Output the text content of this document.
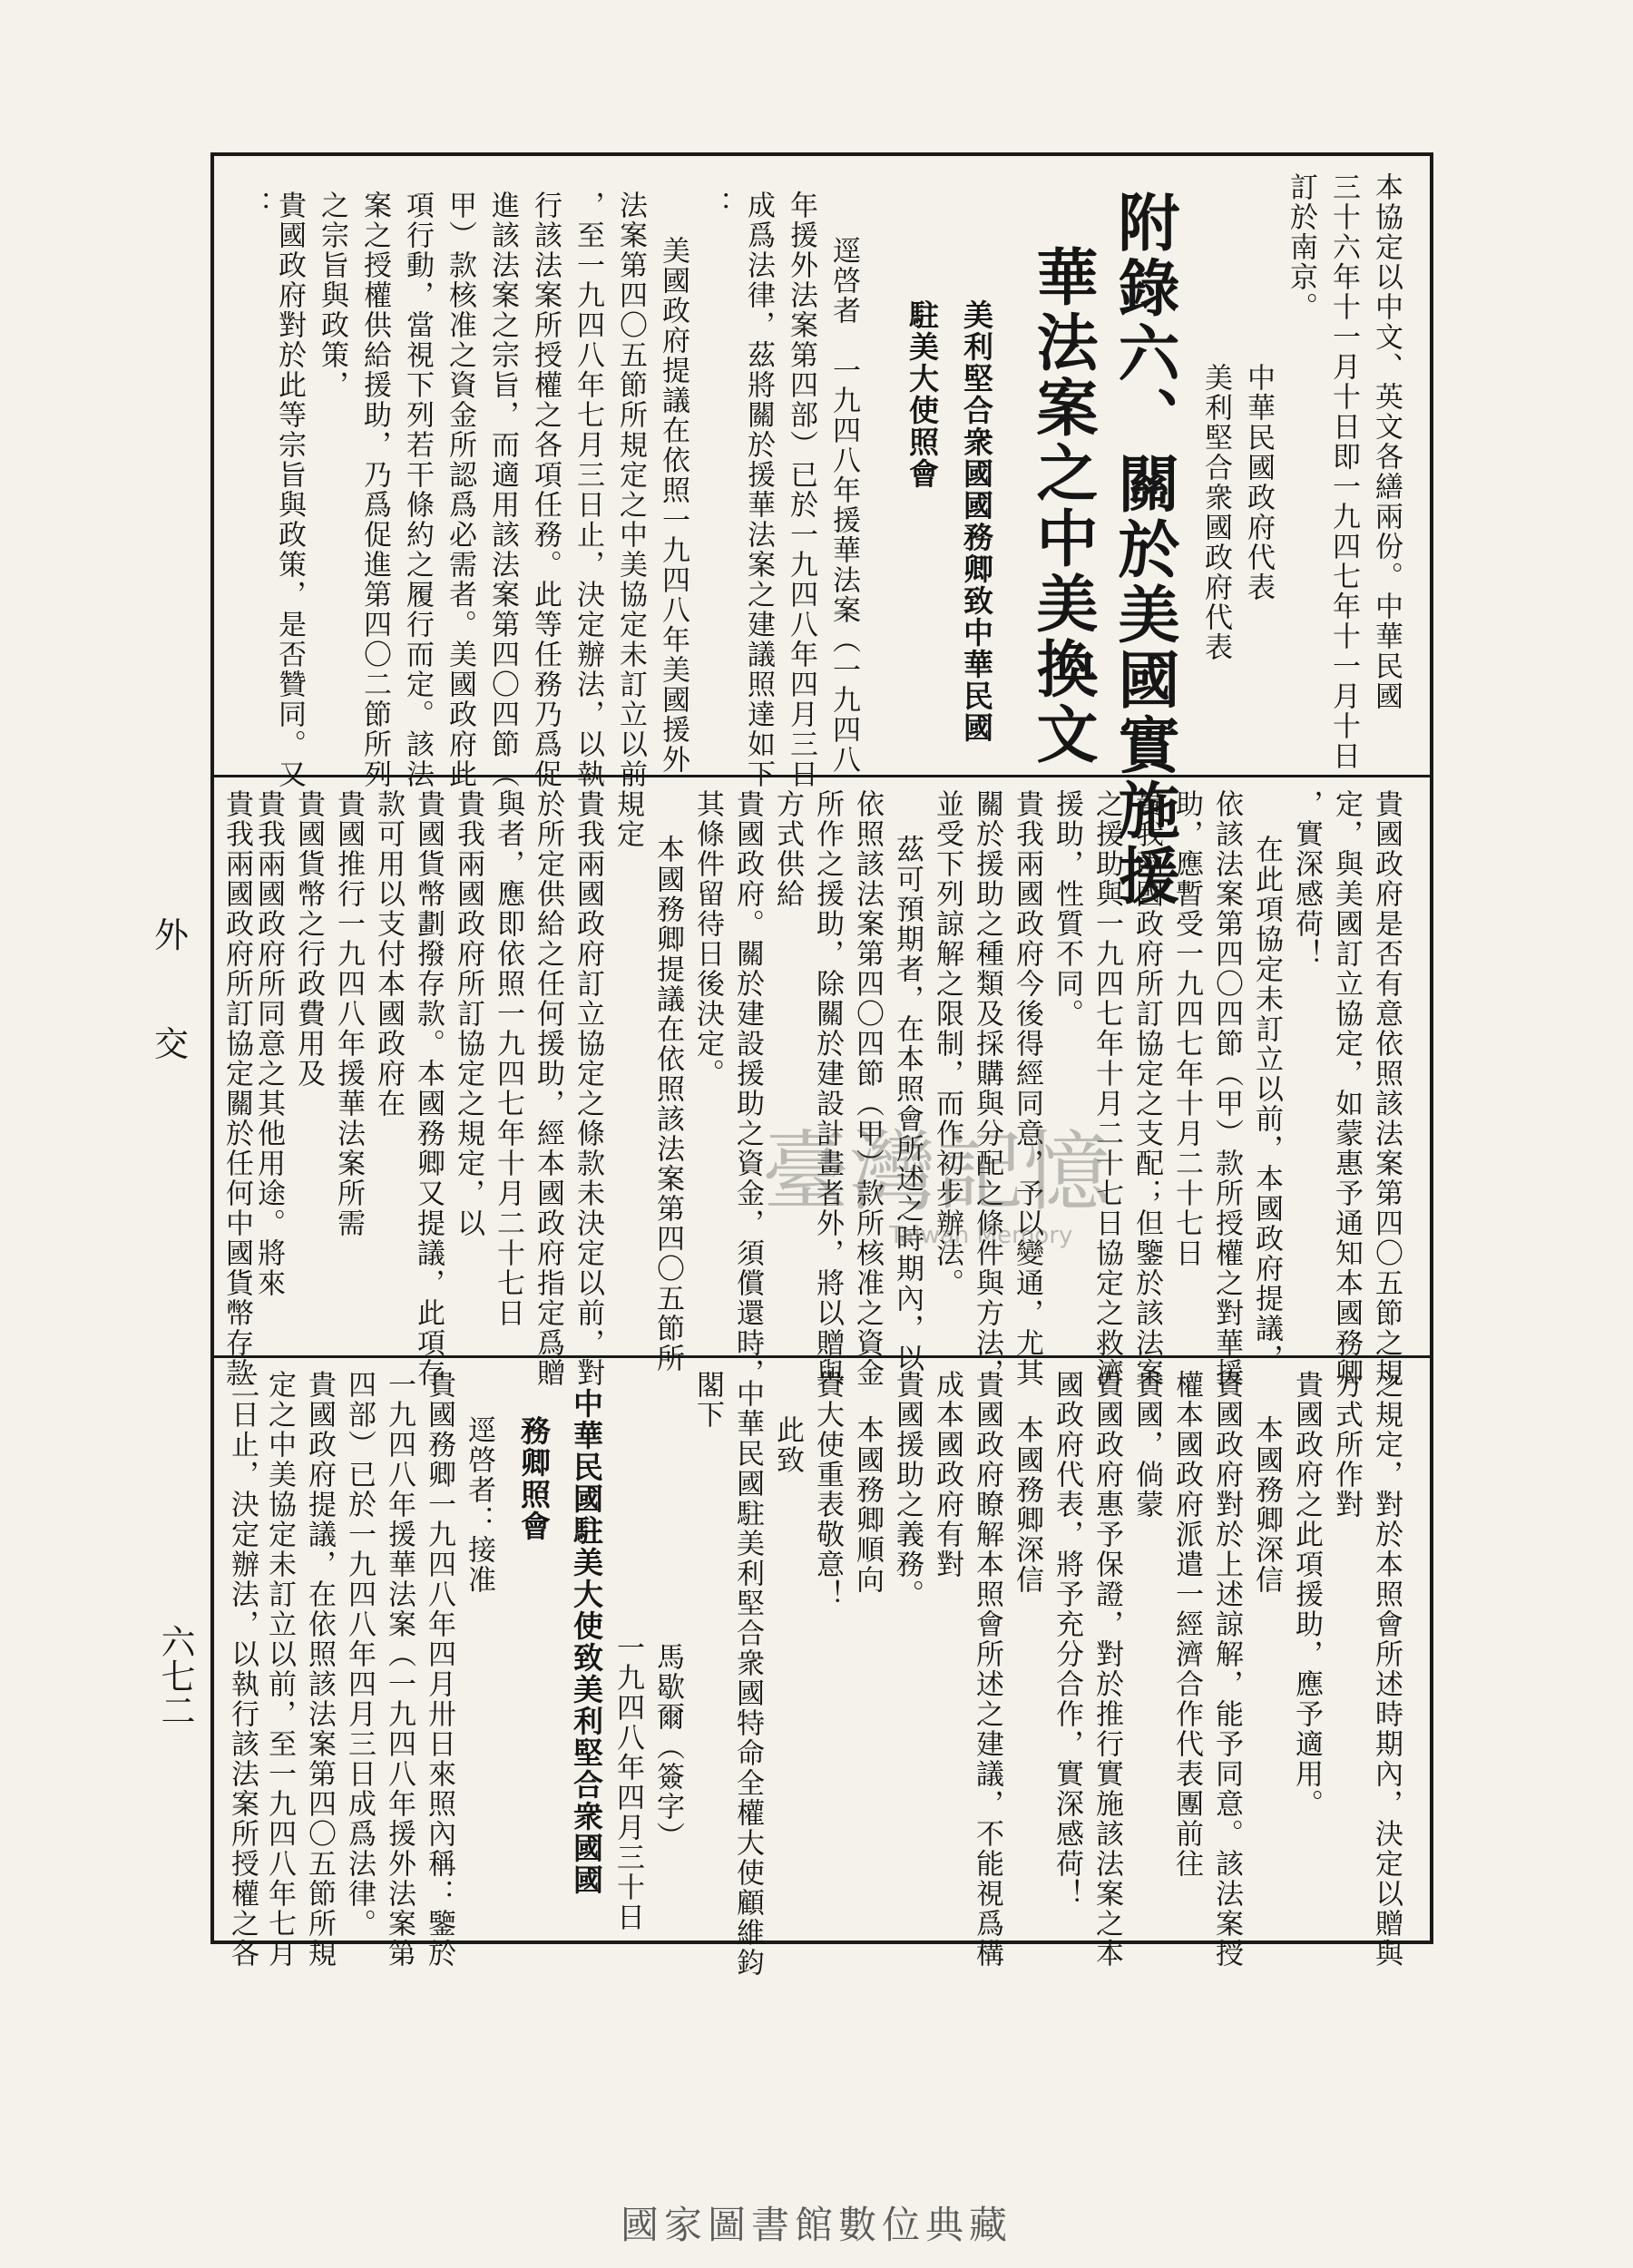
外
交
六七二
本協定以中文、英文各繕兩份。中華民國
三十六年十一月十日即一九四七年十一月十日
訂於南京。
中華民國政府代表
美利堅合衆國政府代表
附錄六、關於美國實施援
華法案之中美換文
美利堅合衆國國務卿致中華民國
駐美大使照會
逕啓者　一九四八年援華法案（一九四八
年援外法案第四部）已於一九四八年四月三日
成爲法律，茲將關於援華法案之建議照達如下
：
美國政府提議在依照一九四八年美國援外
法案第四〇五節所規定之中美協定未訂立以前
，至一九四八年七月三日止，決定辦法，以執
行該法案所授權之各項任務。此等任務乃爲促
進該法案之宗旨，而適用該法案第四〇四節（
甲）款核准之資金所認爲必需者。美國政府此
項行動，當視下列若干條約之履行而定。該法
案之授權供給援助，乃爲促進第四〇二節所列
之宗旨與政策，
貴國政府對於此等宗旨與政策，是否贊同。又
：
貴國政府是否有意依照該法案第四〇五節之規
定，與美國訂立協定，如蒙惠予通知本國務卿
，實深感荷！
在此項協定未訂立以前，本國政府提議，
依該法案第四〇四節（甲）款所授權之對華援
助，應暫受一九四七年十月二十七日
貴我兩國政府所訂協定之支配；但鑒於該法案
之援助與一九四七年十月二十七日協定之救濟
援助，性質不同。
貴我兩國政府今後得經同意，予以變通，尤其
關於援助之種類及採購與分配之條件與方法，
並受下列諒解之限制，而作初步辦法。
茲可預期者，在本照會所述之時期內，以
依照該法案第四〇四節（甲）款所核准之資金
所作之援助，除關於建設計畫者外，將以贈與
方式供給
貴國政府。關於建設援助之資金，須償還時，
其條件留待日後決定。
本國務卿提議在依照該法案第四〇五節所
規定
貴我兩國政府訂立協定之條款未決定以前，對
於所定供給之任何援助，經本國政府指定爲贈
與者，應即依照一九四七年十月二十七日
貴我兩國政府所訂協定之規定，以
貴國貨幣劃撥存款。本國務卿又提議，此項存
款可用以支付本國政府在
貴國推行一九四八年援華法案所需
貴國貨幣之行政費用及
貴我兩國政府所同意之其他用途。將來
貴我兩國政府所訂協定關於任何中國貨幣存款	臺灣記憶
Taiwan Memory
之規定，對於本照會所述時期內，決定以贈與
方式所作對
貴國政府之此項援助，應予適用。
本國務卿深信
貴國政府對於上述諒解，能予同意。該法案授
權本國政府派遣一經濟合作代表團前往
貴國，倘蒙
貴國政府惠予保證，對於推行實施該法案之本
國政府代表，將予充分合作，實深感荷！
本國務卿深信
貴國政府瞭解本照會所述之建議，不能視爲構
成本國政府有對
貴國援助之義務。
本國務卿順向
貴大使重表敬意！
此致
中華民國駐美利堅合衆國特命全權大使顧維鈞
閣下
馬歇爾（簽字）
一九四八年四月三十日
中華民國駐美大使致美利堅合衆國國
務卿照會
逕啓者：接准
貴國務卿一九四八年四月卅日來照內稱：鑒於
一九四八年援華法案（一九四八年援外法案第
四部）已於一九四八年四月三日成爲法律。
貴國政府提議，在依照該法案第四〇五節所規
定之中美協定未訂立以前，至一九四八年七月
三日止，決定辦法，以執行該法案所授權之各
國家圖書館數位典藏
